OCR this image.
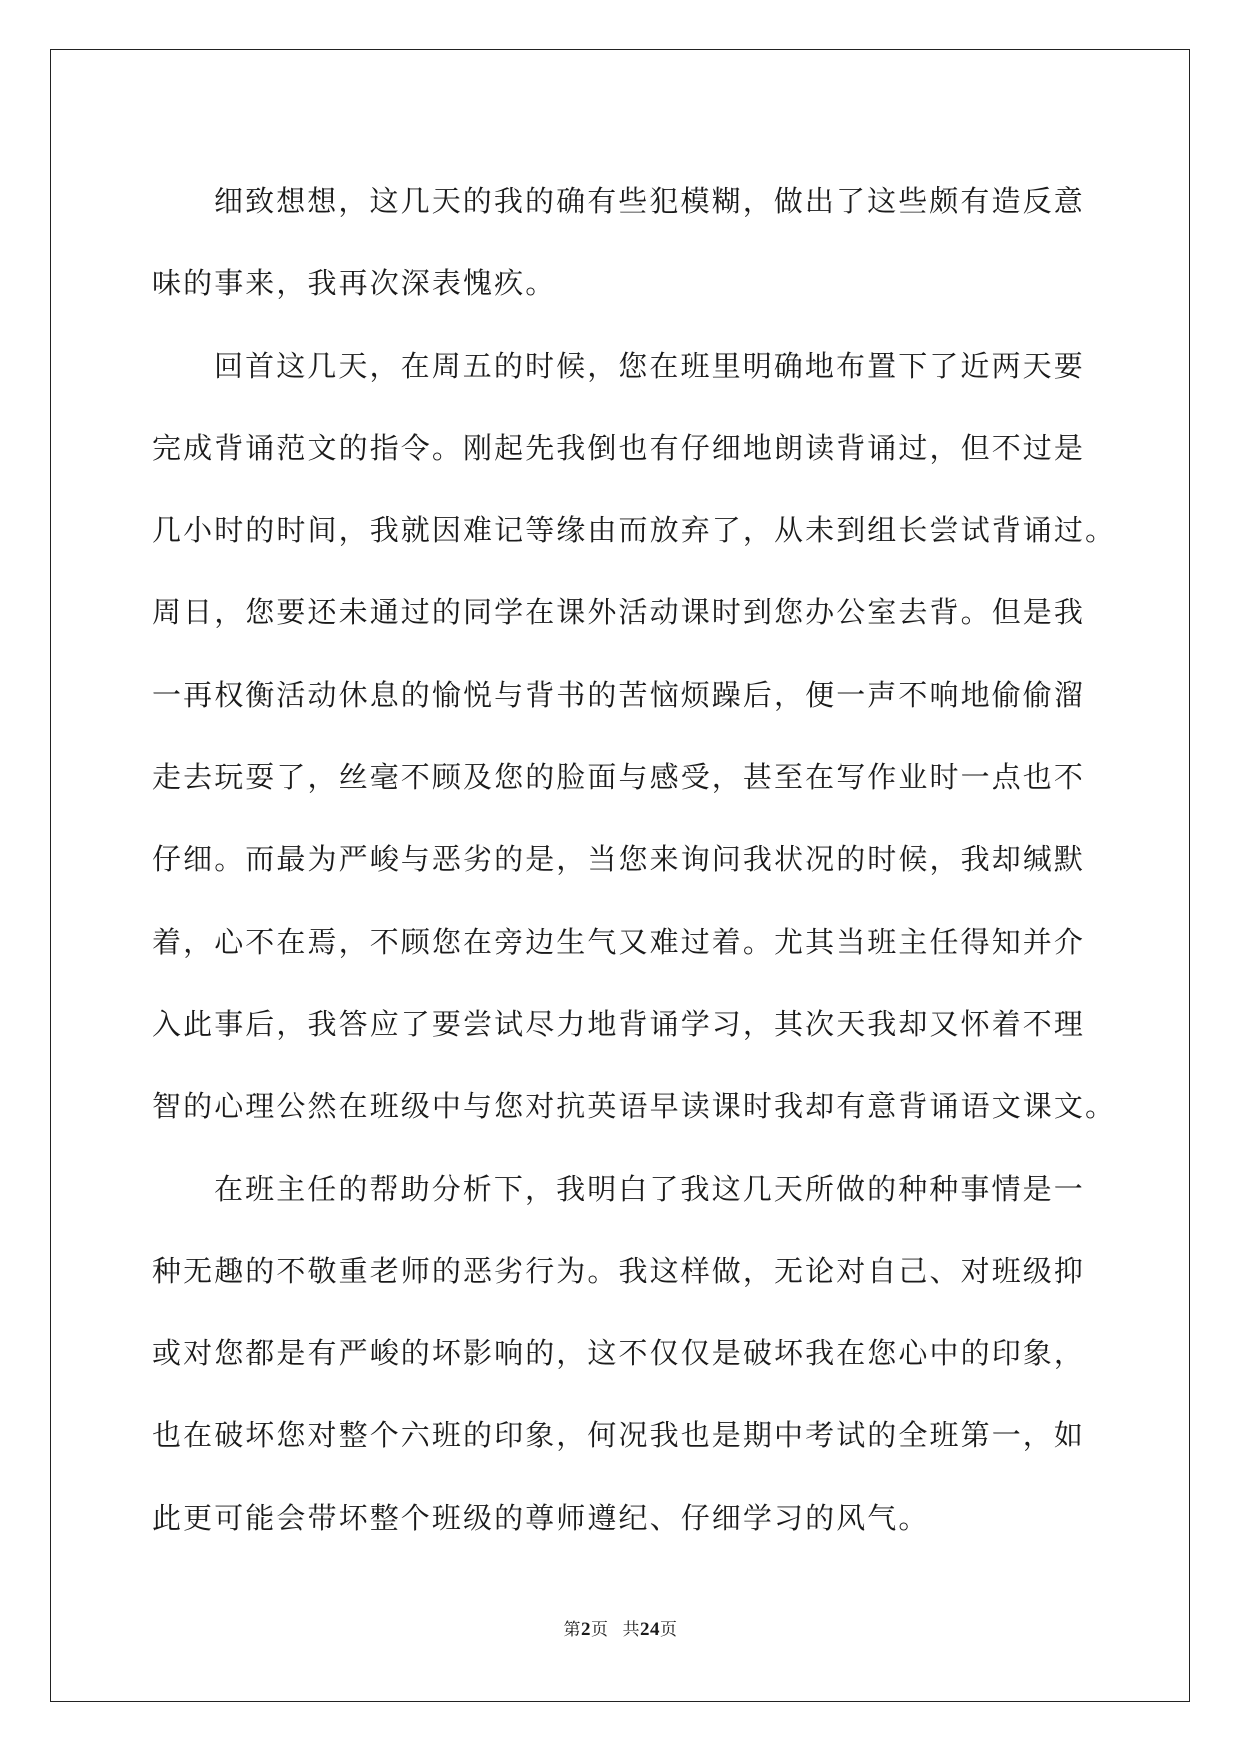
细致想想，这几天的我的确有些犯模糊，做出了这些颇有造反意
味的事来，我再次深表愧疚。
回首这几天，在周五的时候，您在班里明确地布置下了近两天要
完成背诵范文的指令。刚起先我倒也有仔细地朗读背诵过，但不过是
几小时的时间，我就因难记等缘由而放弃了，从未到组长尝试背诵过。
周日，您要还未通过的同学在课外活动课时到您办公室去背。但是我
一再权衡活动休息的愉悦与背书的苦恼烦躁后，便一声不响地偷偷溜
走去玩耍了，丝毫不顾及您的脸面与感受，甚至在写作业时一点也不
仔细。而最为严峻与恶劣的是，当您来询问我状况的时候，我却缄默
着，心不在焉，不顾您在旁边生气又难过着。尤其当班主任得知并介
入此事后，我答应了要尝试尽力地背诵学习，其次天我却又怀着不理
智的心理公然在班级中与您对抗英语早读课时我却有意背诵语文课文。
在班主任的帮助分析下，我明白了我这几天所做的种种事情是一
种无趣的不敬重老师的恶劣行为。我这样做，无论对自己、对班级抑
或对您都是有严峻的坏影响的，这不仅仅是破坏我在您心中的印象，
也在破坏您对整个六班的印象，何况我也是期中考试的全班第一，如
此更可能会带坏整个班级的尊师遵纪、仔细学习的风气。
第2页 共24页
